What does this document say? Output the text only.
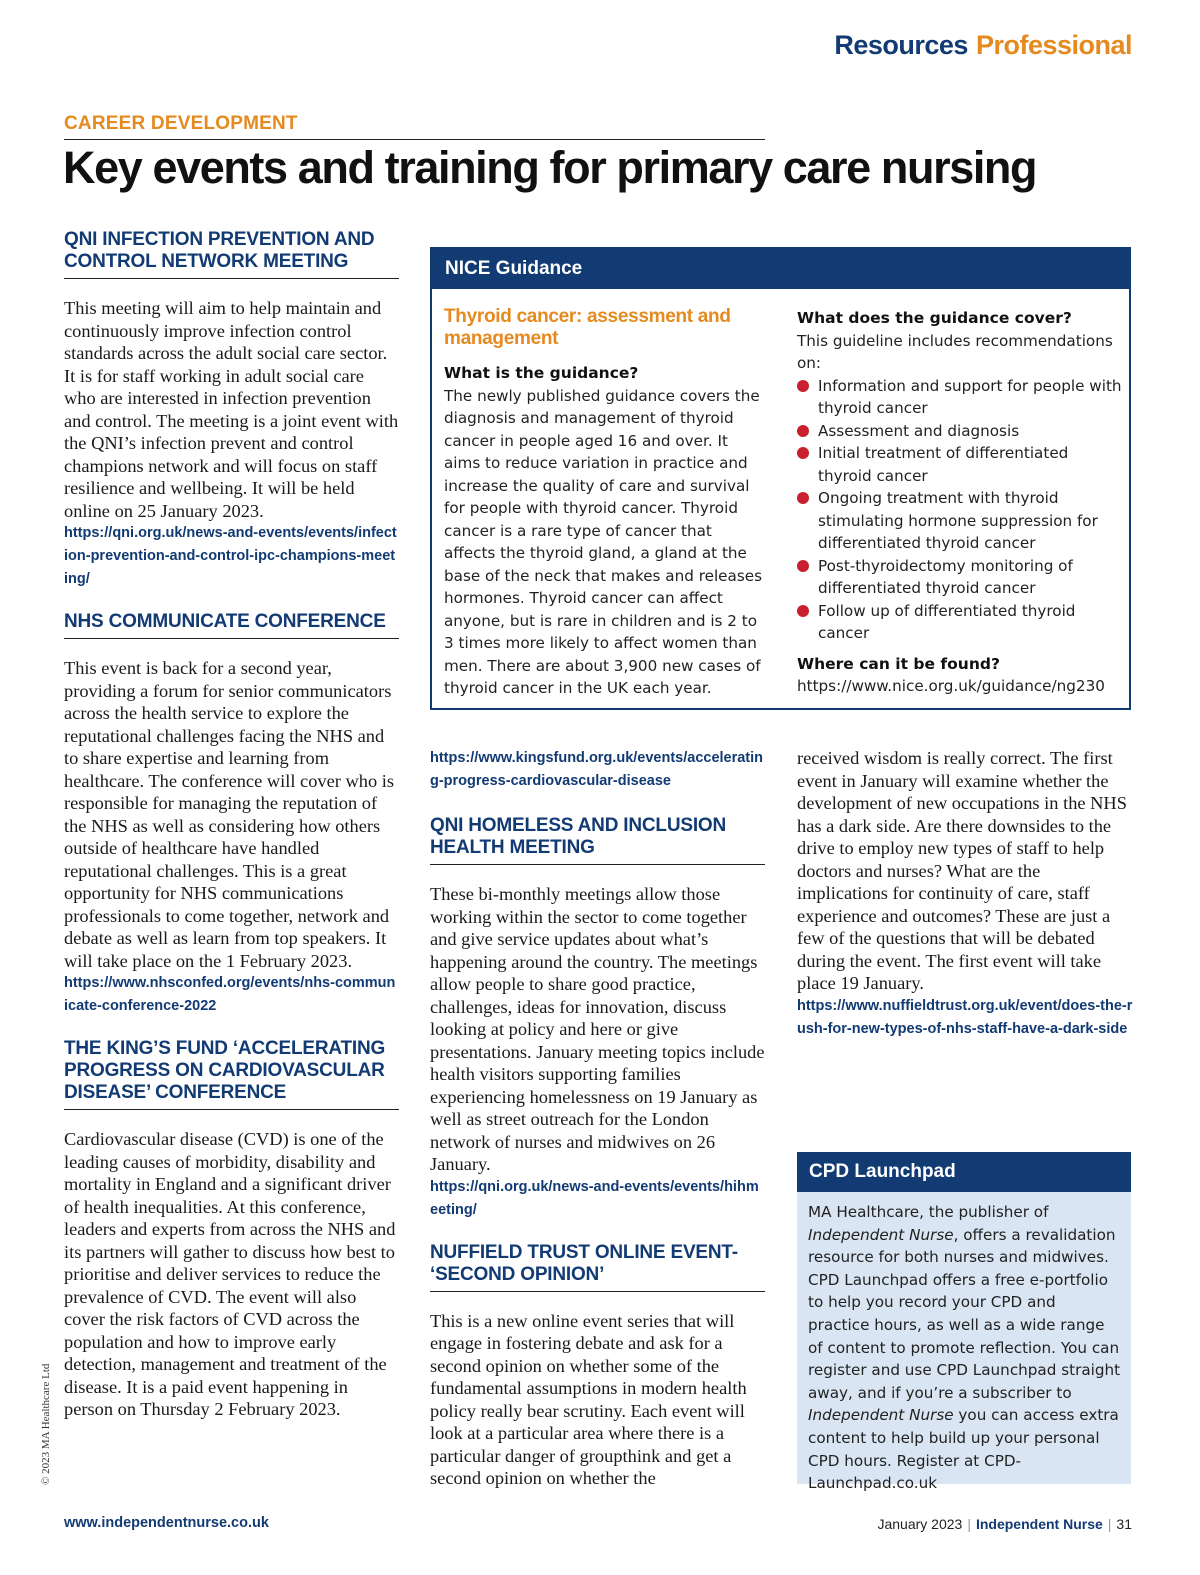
Resources Professional
CAREER DEVELOPMENT
Key events and training for primary care nursing
QNI INFECTION PREVENTION AND CONTROL NETWORK MEETING

This meeting will aim to help maintain and continuously improve infection control standards across the adult social care sector. It is for staff working in adult social care who are interested in infection prevention and control. The meeting is a joint event with the QNI’s infection prevent and control champions network and will focus on staff resilience and wellbeing. It will be held online on 25 January 2023.

https://qni.org.uk/news-and-events/events/infection-prevention-and-control-ipc-champions-meeting/

NHS COMMUNICATE CONFERENCE

This event is back for a second year, providing a forum for senior communicators across the health service to explore the reputational challenges facing the NHS and to share expertise and learning from healthcare. The conference will cover who is responsible for managing the reputation of the NHS as well as considering how others outside of healthcare have handled reputational challenges. This is a great opportunity for NHS communications professionals to come together, network and debate as well as learn from top speakers. It will take place on the 1 February 2023.

https://www.nhsconfed.org/events/nhs-communicate-conference-2022

THE KING’S FUND ‘ACCELERATING PROGRESS ON CARDIOVASCULAR DISEASE’ CONFERENCE

Cardiovascular disease (CVD) is one of the leading causes of morbidity, disability and mortality in England and a significant driver of health inequalities. At this conference, leaders and experts from across the NHS and its partners will gather to discuss how best to prioritise and deliver services to reduce the prevalence of CVD. The event will also cover the risk factors of CVD across the population and how to improve early detection, management and treatment of the disease. It is a paid event happening in person on Thursday 2 February 2023.

NICE Guidance
Thyroid cancer: assessment and management

What is the guidance?

The newly published guidance covers the diagnosis and management of thyroid cancer in people aged 16 and over. It aims to reduce variation in practice and increase the quality of care and survival for people with thyroid cancer. Thyroid cancer is a rare type of cancer that affects the thyroid gland, a gland at the base of the neck that makes and releases hormones. Thyroid cancer can affect anyone, but is rare in children and is 2 to 3 times more likely to affect women than men. There are about 3,900 new cases of thyroid cancer in the UK each year.

What does the guidance cover?

This guideline includes recommendations on:

Information and support for people with thyroid cancer
Assessment and diagnosis
Initial treatment of differentiated thyroid cancer
Ongoing treatment with thyroid stimulating hormone suppression for differentiated thyroid cancer
Post-thyroidectomy monitoring of differentiated thyroid cancer
Follow up of differentiated thyroid cancer

Where can it be found?

https://www.nice.org.uk/guidance/ng230

https://www.kingsfund.org.uk/events/accelerating-progress-cardiovascular-disease

QNI HOMELESS AND INCLUSION HEALTH MEETING

These bi-monthly meetings allow those working within the sector to come together and give service updates about what’s happening around the country. The meetings allow people to share good practice, challenges, ideas for innovation, discuss looking at policy and here or give presentations. January meeting topics include health visitors supporting families experiencing homelessness on 19 January as well as street outreach for the London network of nurses and midwives on 26 January.

https://qni.org.uk/news-and-events/events/hihmeeting/

NUFFIELD TRUST ONLINE EVENT- ‘SECOND OPINION’

This is a new online event series that will engage in fostering debate and ask for a second opinion on whether some of the fundamental assumptions in modern health policy really bear scrutiny. Each event will look at a particular area where there is a particular danger of groupthink and get a second opinion on whether the

received wisdom is really correct. The first event in January will examine whether the development of new occupations in the NHS has a dark side. Are there downsides to the drive to employ new types of staff to help doctors and nurses? What are the implications for continuity of care, staff experience and outcomes? These are just a few of the questions that will be debated during the event. The first event will take place 19 January.

https://www.nuffieldtrust.org.uk/event/does-the-rush-for-new-types-of-nhs-staff-have-a-dark-side

CPD Launchpad

MA Healthcare, the publisher of Independent Nurse, offers a revalidation resource for both nurses and midwives. CPD Launchpad offers a free e-portfolio to help you record your CPD and practice hours, as well as a wide range of content to promote reflection. You can register and use CPD Launchpad straight away, and if you’re a subscriber to Independent Nurse you can access extra content to help build up your personal CPD hours. Register at CPD-Launchpad.co.uk

© 2023 MA Healthcare Ltd
www.independentnurse.co.uk	January 2023 | Independent Nurse | 31
